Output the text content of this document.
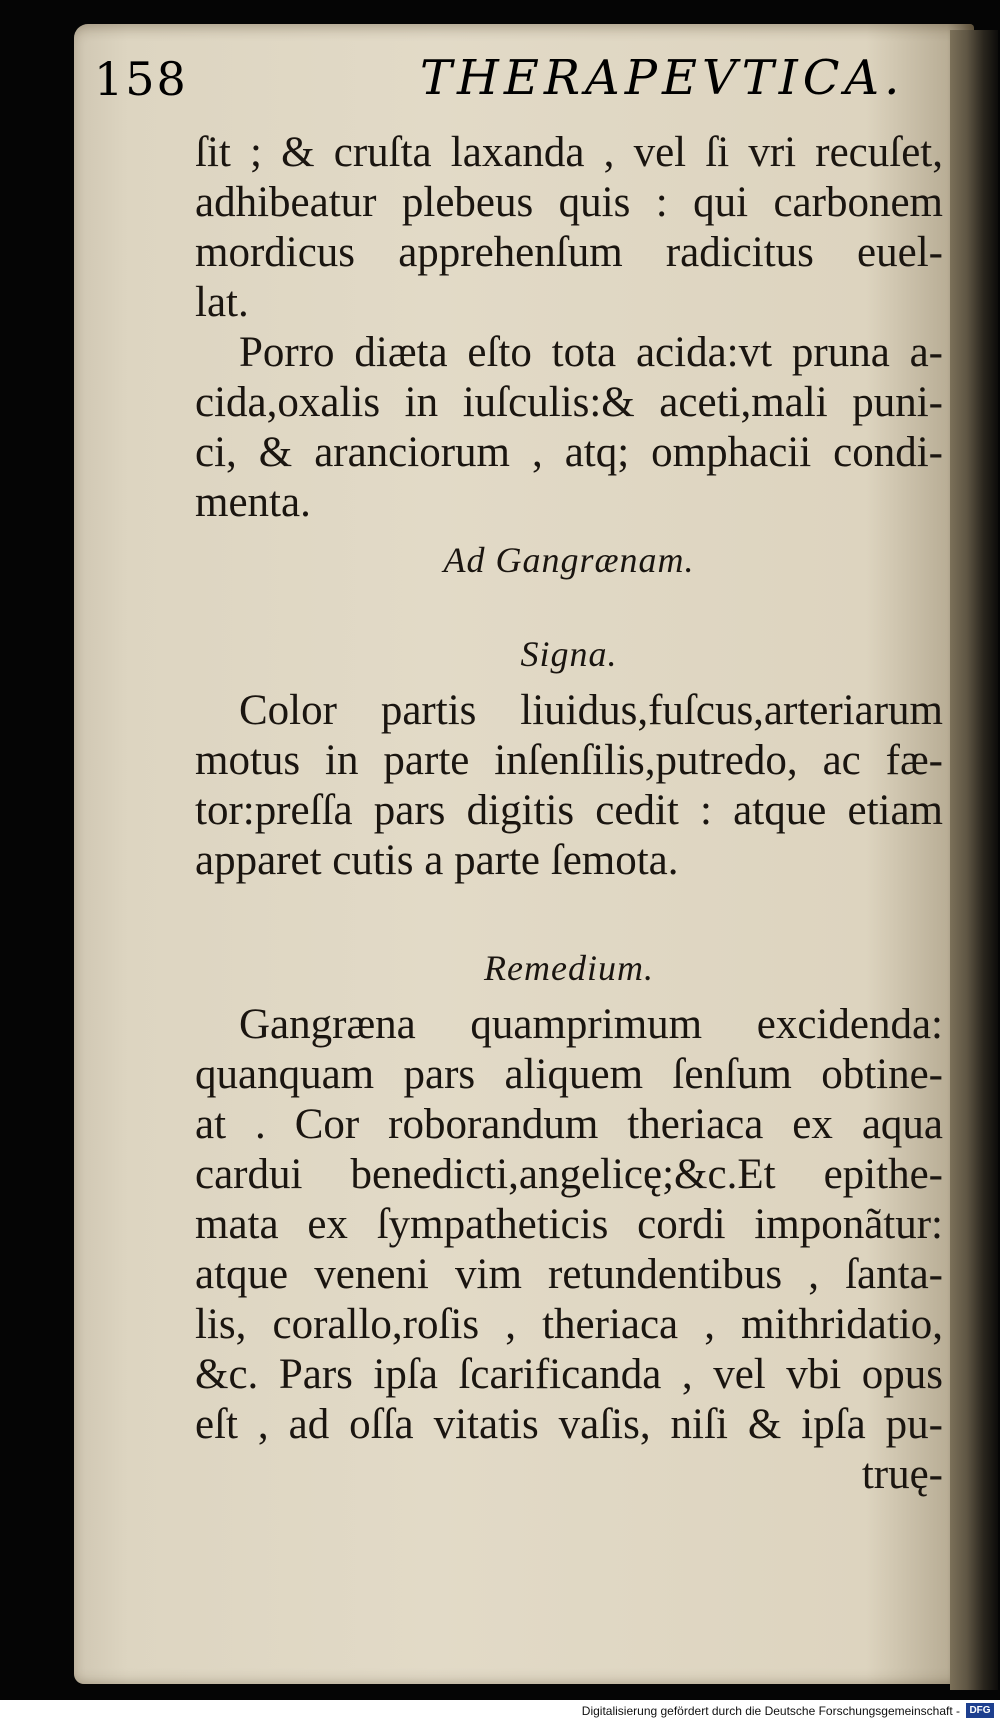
158	THERAPEVTICA.
ſit ; & cruſta laxanda , vel ſi vri recuſet,
adhibeatur plebeus quis : qui carbonem
mordicus apprehenſum radicitus euel-
lat.
Porro diæta eſto tota acida:vt pruna a-
cida,oxalis in iuſculis:& aceti,mali puni-
ci, & aranciorum , atq; omphacii condi-
menta.
Ad Gangrænam.
Signa.
Color partis liuidus,fuſcus,arteriarum
motus in parte inſenſilis,putredo, ac fæ-
tor:preſſa pars digitis cedit : atque etiam
apparet cutis a parte ſemota.
Remedium.
Gangræna quamprimum excidenda:
quanquam pars aliquem ſenſum obtine-
at . Cor roborandum theriaca ex aqua
cardui benedicti,angelicę;&c.Et epithe-
mata ex ſympatheticis cordi imponãtur:
atque veneni vim retundentibus , ſanta-
lis, corallo,roſis , theriaca , mithridatio,
&c. Pars ipſa ſcarificanda , vel vbi opus
eſt , ad oſſa vitatis vaſis, niſi & ipſa pu-
truę-
Digitalisierung gefördert durch die Deutsche Forschungsgemeinschaft - DFG
